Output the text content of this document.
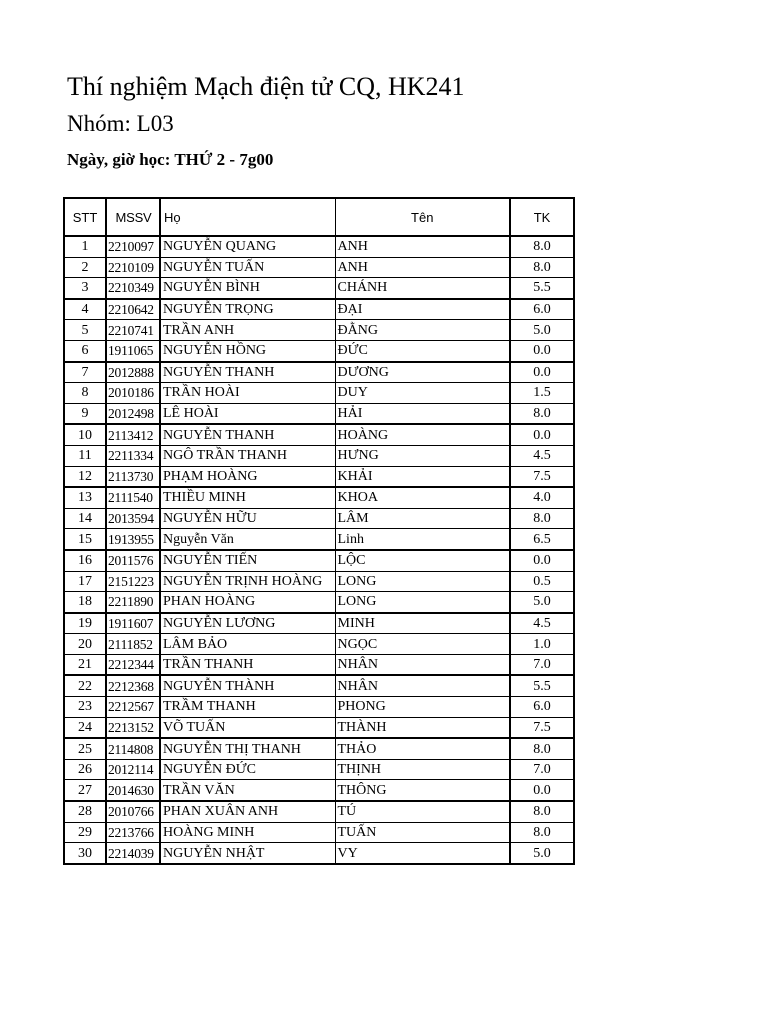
Thí nghiệm Mạch điện tử CQ, HK241
Nhóm: L03
Ngày, giờ học: THỨ 2 - 7g00
STT	MSSV	Họ	Tên	TK
1	2210097	NGUYỄN QUANG	ANH	8.0
2	2210109	NGUYỄN TUẤN	ANH	8.0
3	2210349	NGUYỄN BÌNH	CHÁNH	5.5
4	2210642	NGUYỄN TRỌNG	ĐẠI	6.0
5	2210741	TRẦN ANH	ĐẰNG	5.0
6	1911065	NGUYỄN HỒNG	ĐỨC	0.0
7	2012888	NGUYỄN THANH	DƯƠNG	0.0
8	2010186	TRẦN HOÀI	DUY	1.5
9	2012498	LÊ HOÀI	HẢI	8.0
10	2113412	NGUYỄN THANH	HOÀNG	0.0
11	2211334	NGÔ TRẦN THANH	HƯNG	4.5
12	2113730	PHẠM HOÀNG	KHẢI	7.5
13	2111540	THIỀU MINH	KHOA	4.0
14	2013594	NGUYỄN HỮU	LÂM	8.0
15	1913955	Nguyễn Văn	Linh	6.5
16	2011576	NGUYỄN TIẾN	LỘC	0.0
17	2151223	NGUYỄN TRỊNH HOÀNG	LONG	0.5
18	2211890	PHAN HOÀNG	LONG	5.0
19	1911607	NGUYỄN LƯƠNG	MINH	4.5
20	2111852	LÂM BẢO	NGỌC	1.0
21	2212344	TRẦN THANH	NHÂN	7.0
22	2212368	NGUYỄN THÀNH	NHÂN	5.5
23	2212567	TRẦM THANH	PHONG	6.0
24	2213152	VÕ TUẤN	THÀNH	7.5
25	2114808	NGUYỄN THỊ THANH	THẢO	8.0
26	2012114	NGUYỄN ĐỨC	THỊNH	7.0
27	2014630	TRẦN VĂN	THÔNG	0.0
28	2010766	PHAN XUÂN ANH	TÚ	8.0
29	2213766	HOÀNG MINH	TUẤN	8.0
30	2214039	NGUYỄN NHẬT	VY	5.0
